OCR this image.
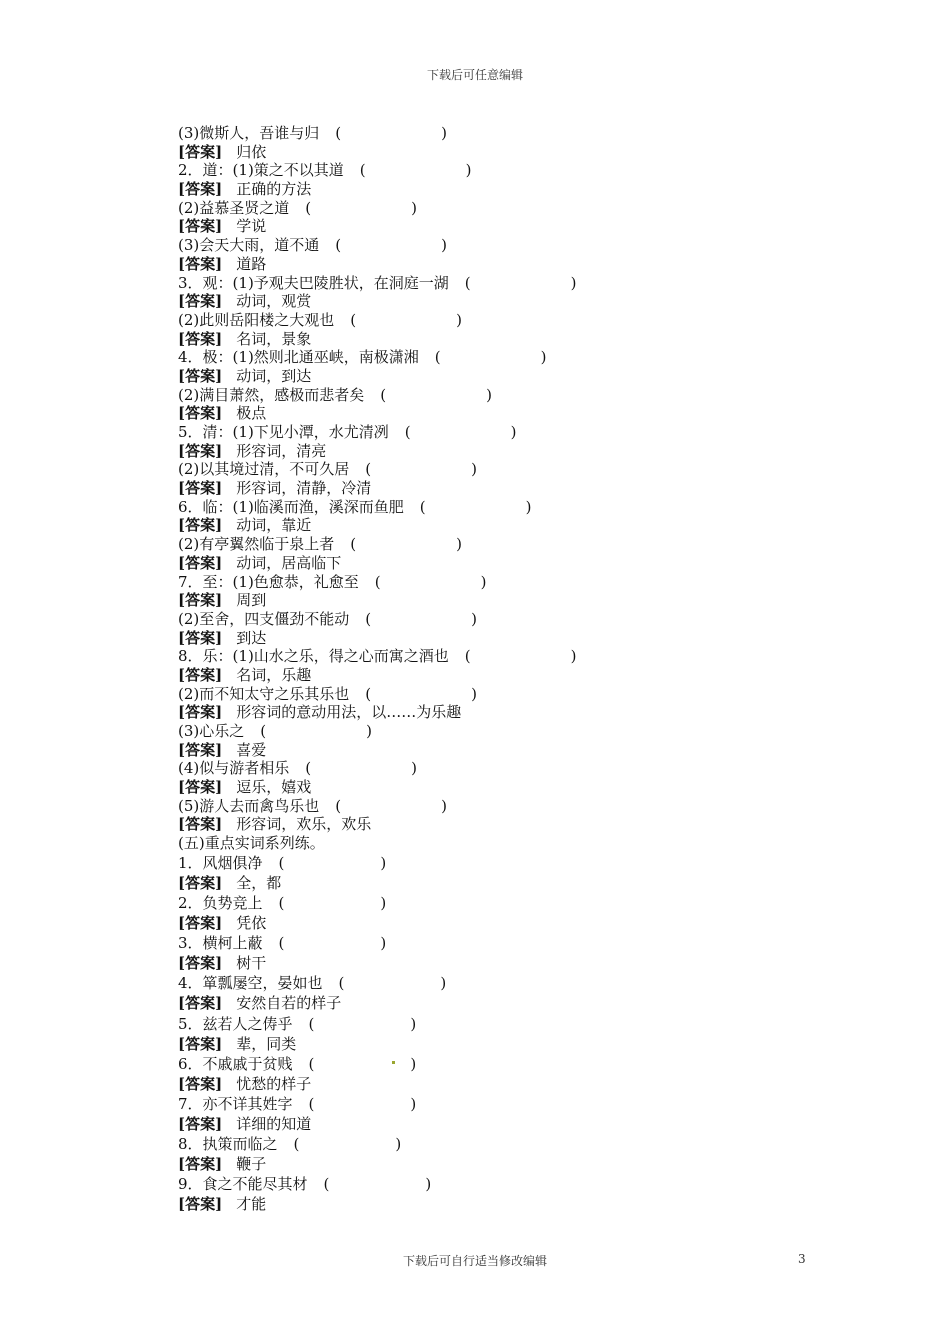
下载后可任意编辑
(3)微斯人，吾谁与归 (	)
[答案] 归依
2．道：(1)策之不以其道 (	)
[答案] 正确的方法
(2)益慕圣贤之道 (	)
[答案] 学说
(3)会天大雨，道不通 (	)
[答案] 道路
3．观：(1)予观夫巴陵胜状，在洞庭一湖 (	)
[答案] 动词，观赏
(2)此则岳阳楼之大观也 (	)
[答案] 名词，景象
4．极：(1)然则北通巫峡，南极潇湘 (	)
[答案] 动词，到达
(2)满目萧然，感极而悲者矣 (	)
[答案] 极点
5．清：(1)下见小潭，水尤清冽 (	)
[答案] 形容词，清亮
(2)以其境过清，不可久居 (	)
[答案] 形容词，清静，冷清
6．临：(1)临溪而渔，溪深而鱼肥 (	)
[答案] 动词，靠近
(2)有亭翼然临于泉上者 (	)
[答案] 动词，居高临下
7．至：(1)色愈恭，礼愈至 (	)
[答案] 周到
(2)至舍，四支僵劲不能动 (	)
[答案] 到达
8．乐：(1)山水之乐，得之心而寓之酒也 (	)
[答案] 名词，乐趣
(2)而不知太守之乐其乐也 (	)
[答案] 形容词的意动用法，以……为乐趣
(3)心乐之 (	)
[答案] 喜爱
(4)似与游者相乐 (	)
[答案] 逗乐，嬉戏
(5)游人去而禽鸟乐也 (	)
[答案] 形容词，欢乐，欢乐
(五)重点实词系列练。
1．风烟俱净 (	)
[答案] 全，都
2．负势竞上 (	)
[答案] 凭依
3．横柯上蔽 (	)
[答案] 树干
4．箪瓢屡空，晏如也 (	)
[答案] 安然自若的样子
5．兹若人之俦乎 (	)
[答案] 辈，同类
6．不戚戚于贫贱 (	)
[答案] 忧愁的样子
7．亦不详其姓字 (	)
[答案] 详细的知道
8．执策而临之 (	)
[答案] 鞭子
9．食之不能尽其材 (	)
[答案] 才能
下载后可自行适当修改编辑	3
